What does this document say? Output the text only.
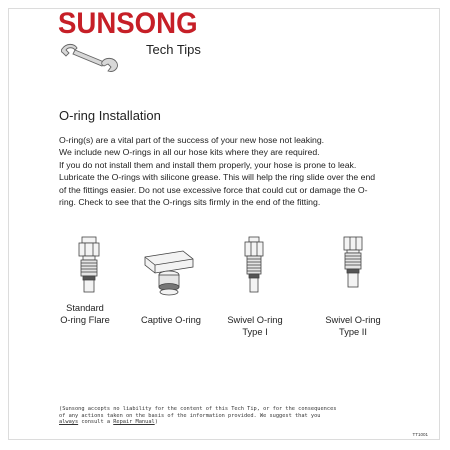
SUNSONG
Tech Tips
O-ring Installation
O-ring(s) are a vital part of the success of your new hose not leaking.
We include new O-rings in all our hose kits where they are required.
If you do not install them and install them properly, your hose is prone to leak.
Lubricate the O-rings with silicone grease. This will help the ring slide over the end
of the fittings easier. Do not use excessive force that could cut or damage the O-
ring. Check to see that the O-rings sits firmly in the end of the fitting.
Standard
O-ring Flare	Captive O-ring	Swivel O-ring
Type I
Swivel O-ring
Type II
(Sunsong accepts no liability for the content of this Tech Tip, or for the consequences
of any actions taken on the basis of the information provided. We suggest that you
always consult a Repair Manual)
TT1001
